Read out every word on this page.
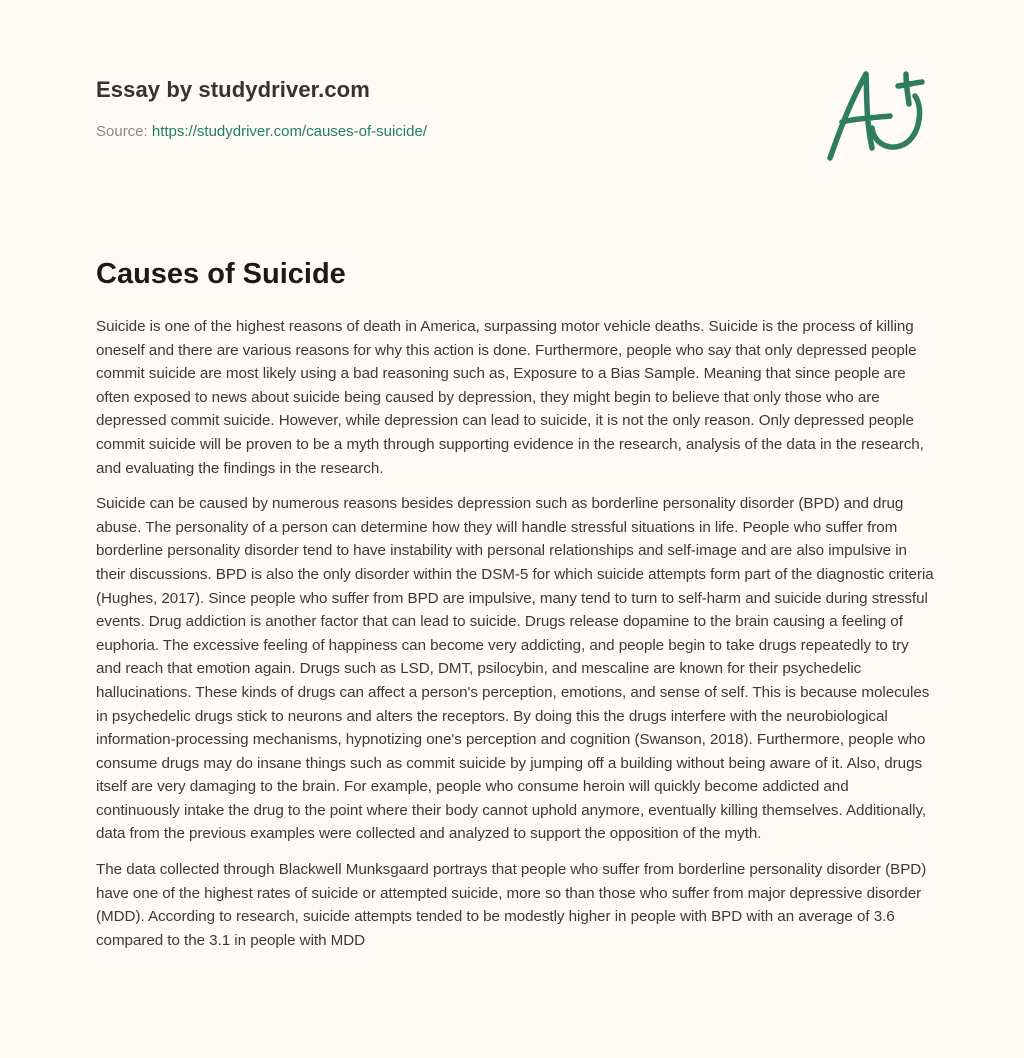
Essay by studydriver.com
Source: https://studydriver.com/causes-of-suicide/
Causes of Suicide

Suicide is one of the highest reasons of death in America, surpassing motor vehicle deaths. Suicide is the process of killing oneself and there are various reasons for why this action is done. Furthermore, people who say that only depressed people commit suicide are most likely using a bad reasoning such as, Exposure to a Bias Sample. Meaning that since people are often exposed to news about suicide being caused by depression, they might begin to believe that only those who are depressed commit suicide. However, while depression can lead to suicide, it is not the only reason. Only depressed people commit suicide will be proven to be a myth through supporting evidence in the research, analysis of the data in the research, and evaluating the findings in the research.

Suicide can be caused by numerous reasons besides depression such as borderline personality disorder (BPD) and drug abuse. The personality of a person can determine how they will handle stressful situations in life. People who suffer from borderline personality disorder tend to have instability with personal relationships and self-image and are also impulsive in their discussions. BPD is also the only disorder within the DSM-5 for which suicide attempts form part of the diagnostic criteria (Hughes, 2017). Since people who suffer from BPD are impulsive, many tend to turn to self-harm and suicide during stressful events. Drug addiction is another factor that can lead to suicide. Drugs release dopamine to the brain causing a feeling of euphoria. The excessive feeling of happiness can become very addicting, and people begin to take drugs repeatedly to try and reach that emotion again. Drugs such as LSD, DMT, psilocybin, and mescaline are known for their psychedelic hallucinations. These kinds of drugs can affect a person's perception, emotions, and sense of self. This is because molecules in psychedelic drugs stick to neurons and alters the receptors. By doing this the drugs interfere with the neurobiological information-processing mechanisms, hypnotizing one's perception and cognition (Swanson, 2018). Furthermore, people who consume drugs may do insane things such as commit suicide by jumping off a building without being aware of it. Also, drugs itself are very damaging to the brain. For example, people who consume heroin will quickly become addicted and continuously intake the drug to the point where their body cannot uphold anymore, eventually killing themselves. Additionally, data from the previous examples were collected and analyzed to support the opposition of the myth.

The data collected through Blackwell Munksgaard portrays that people who suffer from borderline personality disorder (BPD) have one of the highest rates of suicide or attempted suicide, more so than those who suffer from major depressive disorder (MDD). According to research, suicide attempts tended to be modestly higher in people with BPD with an average of 3.6 compared to the 3.1 in people with MDD
